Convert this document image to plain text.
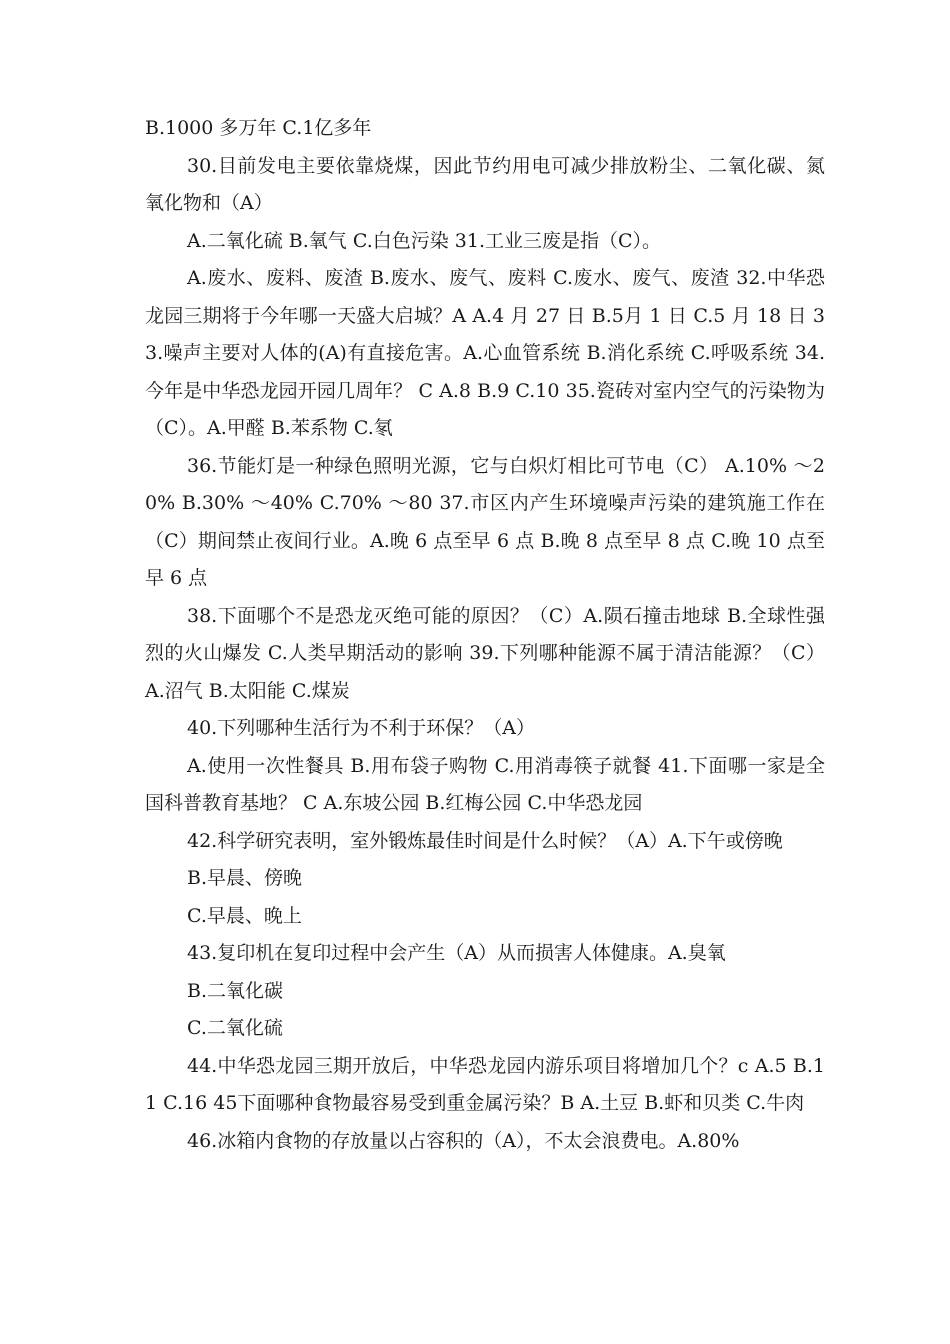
B.1000 多万年 C.1亿多年

30.目前发电主要依靠烧煤，因此节约用电可减少排放粉尘、二氧化碳、氮氧化物和（A）

A.二氧化硫 B.氧气 C.白色污染 31.工业三废是指（C）。

A.废水、废料、废渣 B.废水、废气、废料 C.废水、废气、废渣 32.中华恐龙园三期将于今年哪一天盛大启城？A A.4 月 27 日 B.5月 1 日 C.5 月 18 日 33.噪声主要对人体的(A)有直接危害。A.心血管系统 B.消化系统 C.呼吸系统 34.今年是中华恐龙园开园几周年？ C A.8 B.9 C.10 35.瓷砖对室内空气的污染物为（C）。A.甲醛 B.苯系物 C.氡

36.节能灯是一种绿色照明光源，它与白炽灯相比可节电（C） A.10% ～20% B.30% ～40% C.70% ～80 37.市区内产生环境噪声污染的建筑施工作在（C）期间禁止夜间行业。A.晚 6 点至早 6 点 B.晚 8 点至早 8 点 C.晚 10 点至早 6 点

38.下面哪个不是恐龙灭绝可能的原因？（C）A.陨石撞击地球 B.全球性强烈的火山爆发 C.人类早期活动的影响 39.下列哪种能源不属于清洁能源？（C）A.沼气 B.太阳能 C.煤炭

40.下列哪种生活行为不利于环保？（A）

A.使用一次性餐具 B.用布袋子购物 C.用消毒筷子就餐 41.下面哪一家是全国科普教育基地？ C A.东坡公园 B.红梅公园 C.中华恐龙园

42.科学研究表明，室外锻炼最佳时间是什么时候？（A）A.下午或傍晚

B.早晨、傍晚

C.早晨、晚上

43.复印机在复印过程中会产生（A）从而损害人体健康。A.臭氧

B.二氧化碳

C.二氧化硫

44.中华恐龙园三期开放后，中华恐龙园内游乐项目将增加几个？c A.5 B.11 C.16 45下面哪种食物最容易受到重金属污染？B A.土豆 B.虾和贝类 C.牛肉

46.冰箱内食物的存放量以占容积的（A），不太会浪费电。A.80%
